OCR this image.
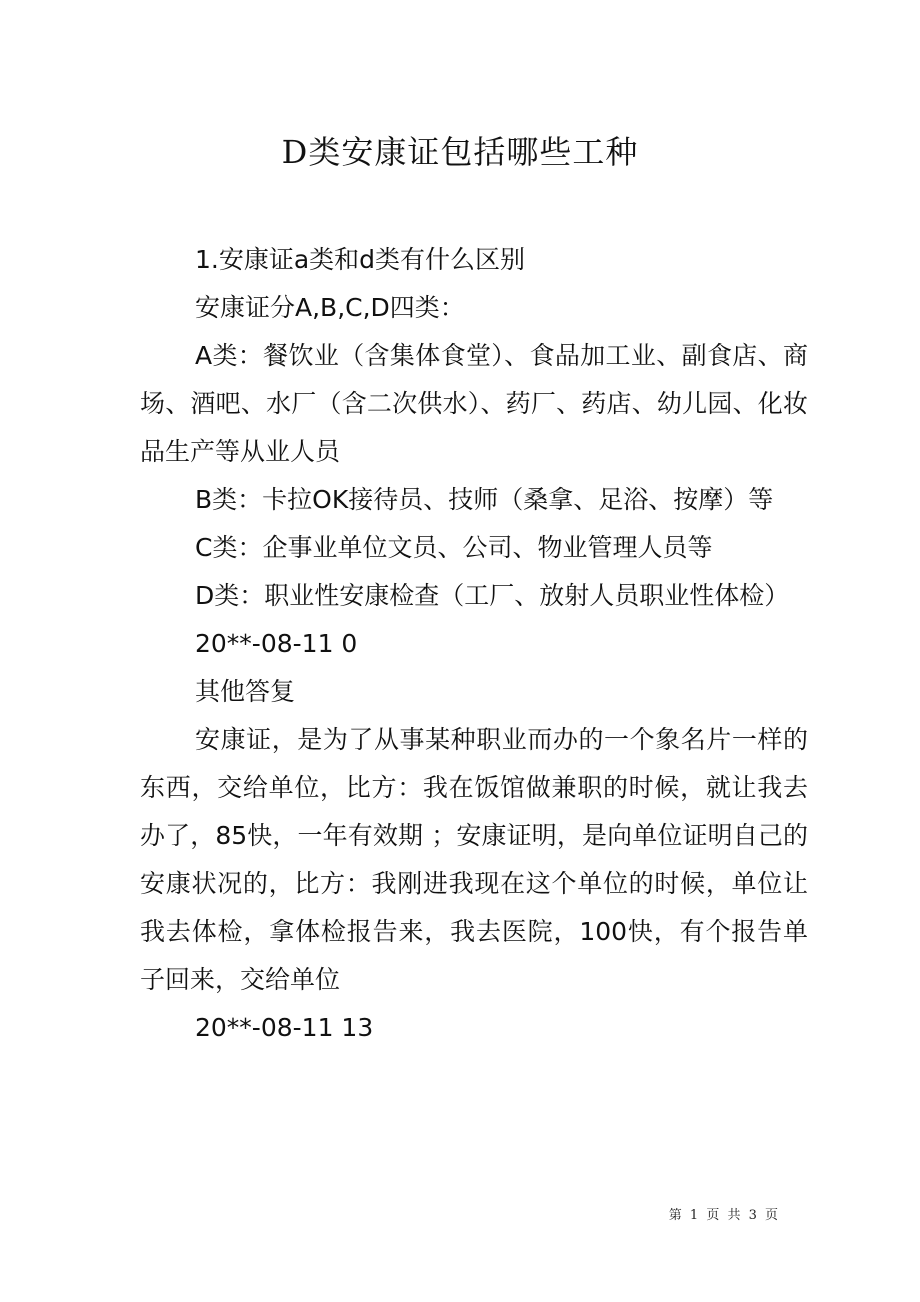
D类安康证包括哪些工种

1.安康证a类和d类有什么区别

安康证分A,B,C,D四类：

A类：餐饮业（含集体食堂）、食品加工业、副食店、商场、酒吧、水厂（含二次供水）、药厂、药店、幼儿园、化妆品生产等从业人员

B类：卡拉OK接待员、技师（桑拿、足浴、按摩）等

C类：企事业单位文员、公司、物业管理人员等

D类：职业性安康检查（工厂、放射人员职业性体检）

20**-08-11 0

其他答复

安康证，是为了从事某种职业而办的一个象名片一样的东西，交给单位，比方：我在饭馆做兼职的时候，就让我去办了，85快，一年有效期 ；安康证明，是向单位证明自己的安康状况的，比方：我刚进我现在这个单位的时候，单位让我去体检，拿体检报告来，我去医院，100快，有个报告单子回来，交给单位

20**-08-11 13

第 1 页 共 3 页
